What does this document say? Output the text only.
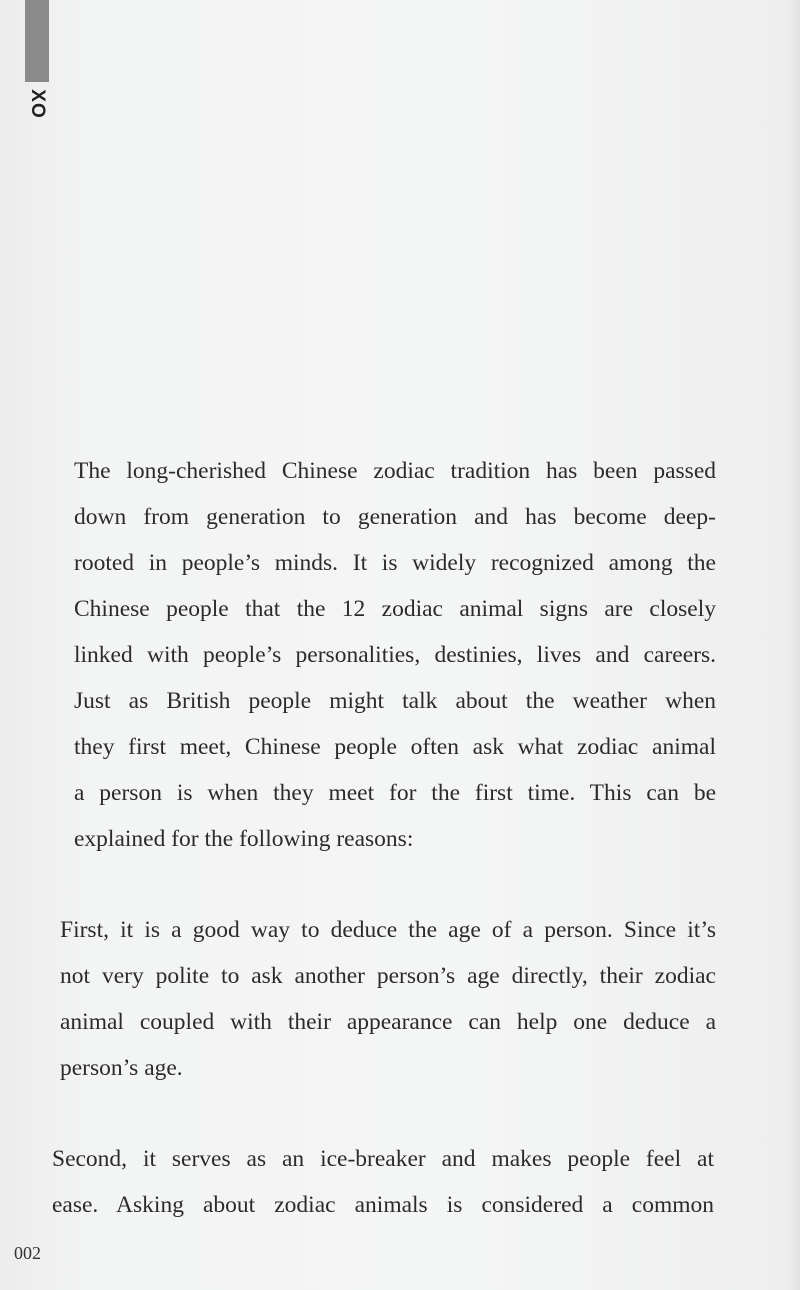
XO
The long-cherished Chinese zodiac tradition has been passed
down from generation to generation and has become deep-
rooted in people’s minds. It is widely recognized among the
Chinese people that the 12 zodiac animal signs are closely
linked with people’s personalities, destinies, lives and careers.
Just as British people might talk about the weather when
they first meet, Chinese people often ask what zodiac animal
a person is when they meet for the first time. This can be
explained for the following reasons:
First, it is a good way to deduce the age of a person. Since it’s
not very polite to ask another person’s age directly, their zodiac
animal coupled with their appearance can help one deduce a
person’s age.
Second, it serves as an ice-breaker and makes people feel at
ease. Asking about zodiac animals is considered a common
002
